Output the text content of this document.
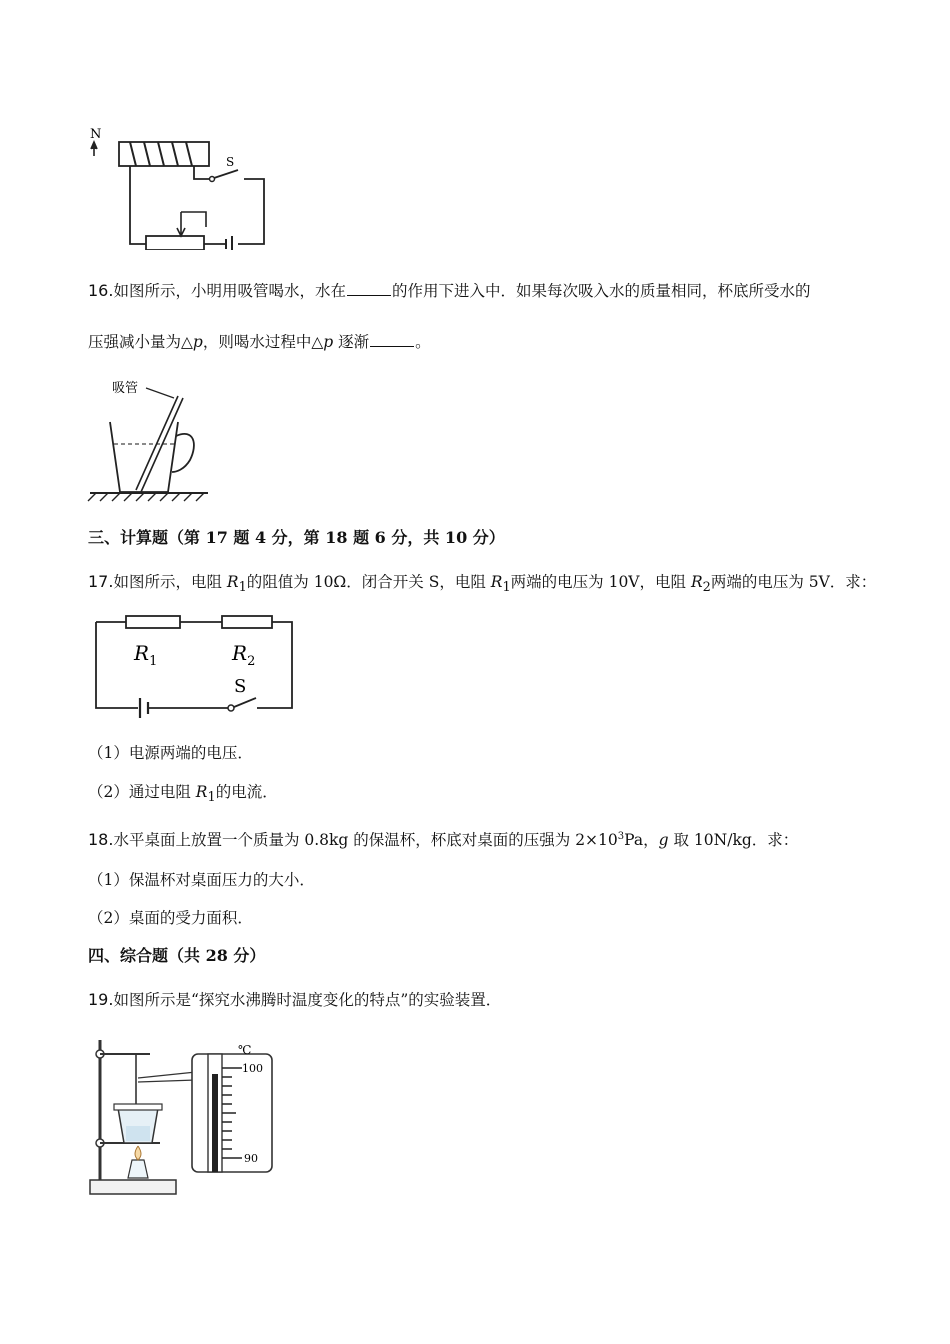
N
S
16.如图所示，小明用吸管喝水，水在	的作用下进入中．如果每次吸入水的质量相同，杯底所受水的
压强减小量为△p，则喝水过程中△p 逐渐	。
吸管
三、计算题（第 17 题 4 分，第 18 题 6 分，共 10 分）
17.如图所示，电阻 $R_1$的阻值为 10Ω．闭合开关 S，电阻 $R_1$两端的电压为 10V，电阻 $R_2$两端的电压为 5V．求：
$R_1$	$R_2$
S
（1）电源两端的电压．
（2）通过电阻 $R_1$的电流．
18.水平桌面上放置一个质量为 0.8kg 的保温杯，杯底对桌面的压强为 $2\times 10^3Pa$，g 取 10N/kg．求：
（1）保温杯对桌面压力的大小．
（2）桌面的受力面积．
四、综合题（共 28 分）
19.如图所示是“探究水沸腾时温度变化的特点”的实验装置．
℃
100
90
